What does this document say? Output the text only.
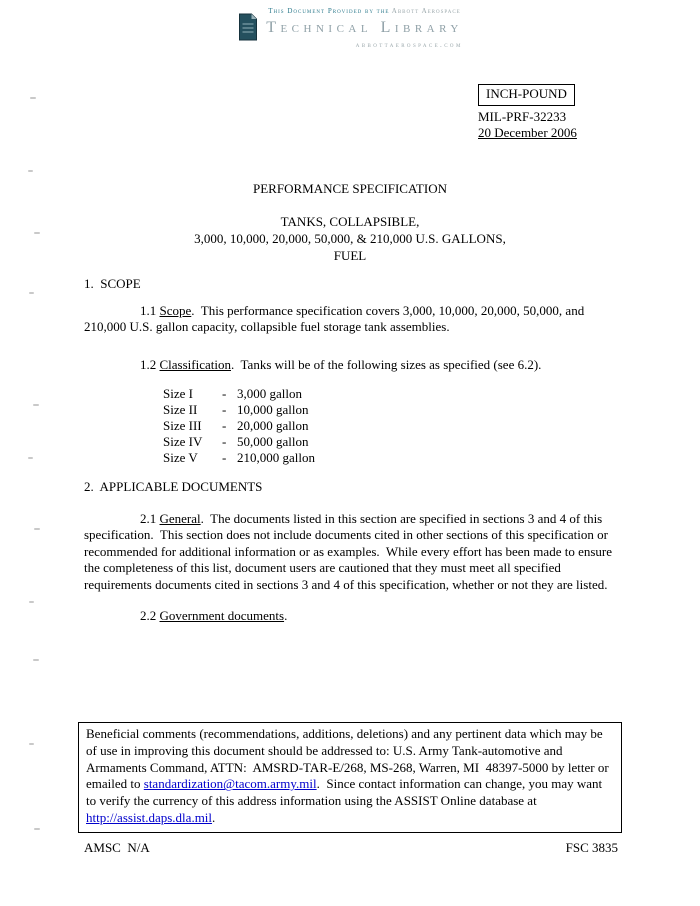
This Document Provided by the Abbott Aerospace
Technical Library
abbottaerospace.com
INCH-POUND
MIL-PRF-32233
20 December 2006
PERFORMANCE SPECIFICATION
TANKS, COLLAPSIBLE,
3,000, 10,000, 20,000, 50,000, & 210,000 U.S. GALLONS,
FUEL
1.  SCOPE

1.1 Scope.  This performance specification covers 3,000, 10,000, 20,000, 50,000, and 210,000 U.S. gallon capacity, collapsible fuel storage tank assemblies.

1.2 Classification.  Tanks will be of the following sizes as specified (see 6.2).

Size I	- 3,000 gallon
Size II	- 10,000 gallon
Size III	- 20,000 gallon
Size IV	- 50,000 gallon
Size V	- 210,000 gallon
2.  APPLICABLE DOCUMENTS

2.1 General.  The documents listed in this section are specified in sections 3 and 4 of this specification.  This section does not include documents cited in other sections of this specification or recommended for additional information or as examples.  While every effort has been made to ensure the completeness of this list, document users are cautioned that they must meet all specified requirements documents cited in sections 3 and 4 of this specification, whether or not they are listed.

2.2 Government documents.

Beneficial comments (recommendations, additions, deletions) and any pertinent data which may be of use in improving this document should be addressed to: U.S. Army Tank-automotive and Armaments Command, ATTN:  AMSRD-TAR-E/268, MS-268, Warren, MI  48397-5000 by letter or emailed to standardization@tacom.army.mil.  Since contact information can change, you may want to verify the currency of this address information using the ASSIST Online database at http://assist.daps.dla.mil.
AMSC  N/A	FSC 3835
